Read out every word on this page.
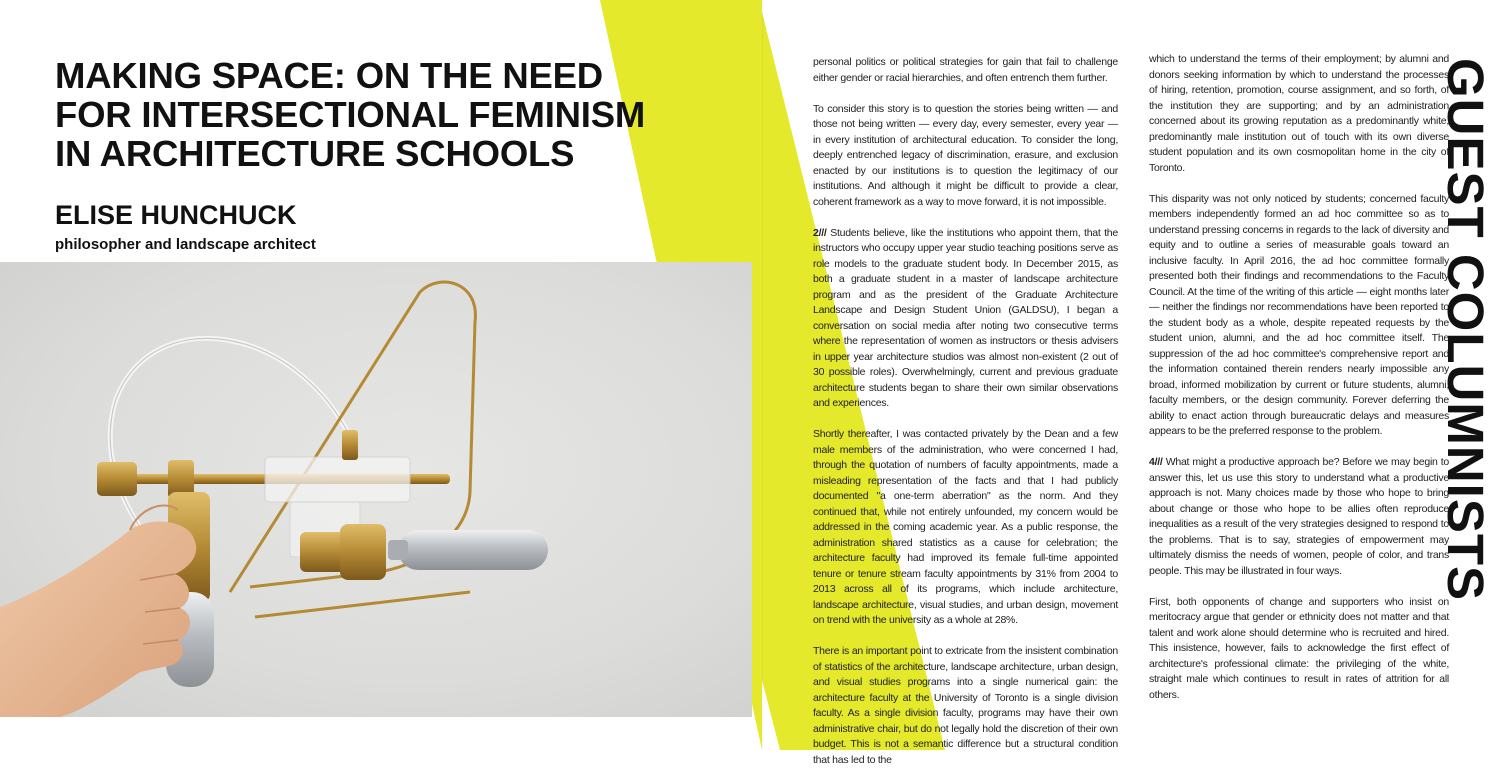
MAKING SPACE: ON THE NEED
FOR INTERSECTIONAL FEMINISM
IN ARCHITECTURE SCHOOLS
ELISE HUNCHUCK
philosopher and landscape architect

personal politics or political strategies for gain that fail to challenge either gender or racial hierarchies, and often entrench them further.

To consider this story is to question the stories being written — and those not being written — every day, every semester, every year — in every institution of architectural education. To consider the long, deeply entrenched legacy of discrimination, erasure, and exclusion enacted by our institutions is to question the legitimacy of our institutions. And although it might be difficult to provide a clear, coherent framework as a way to move forward, it is not impossible.

2/// Students believe, like the institutions who appoint them, that the instructors who occupy upper year studio teaching positions serve as role models to the graduate student body. In December 2015, as both a graduate student in a master of landscape architecture program and as the president of the Graduate Architecture Landscape and Design Student Union (GALDSU), I began a conversation on social media after noting two consecutive terms where the representation of women as instructors or thesis advisers in upper year architecture studios was almost non-existent (2 out of 30 possible roles). Overwhelmingly, current and previous graduate architecture students began to share their own similar observations and experiences.

Shortly thereafter, I was contacted privately by the Dean and a few male members of the administration, who were concerned I had, through the quotation of numbers of faculty appointments, made a misleading representation of the facts and that I had publicly documented "a one-term aberration" as the norm. And they continued that, while not entirely unfounded, my concern would be addressed in the coming academic year. As a public response, the administration shared statistics as a cause for celebration; the architecture faculty had improved its female full-time appointed tenure or tenure stream faculty appointments by 31% from 2004 to 2013 across all of its programs, which include architecture, landscape architecture, visual studies, and urban design, movement on trend with the university as a whole at 28%.

There is an important point to extricate from the insistent combination of statistics of the architecture, landscape architecture, urban design, and visual studies programs into a single numerical gain: the architecture faculty at the University of Toronto is a single division faculty. As a single division faculty, programs may have their own administrative chair, but do not legally hold the discretion of their own budget. This is not a semantic difference but a structural condition that has led to the

which to understand the terms of their employment; by alumni and donors seeking information by which to understand the processes of hiring, retention, promotion, course assignment, and so forth, of the institution they are supporting; and by an administration concerned about its growing reputation as a predominantly white, predominantly male institution out of touch with its own diverse student population and its own cosmopolitan home in the city of Toronto.

This disparity was not only noticed by students; concerned faculty members independently formed an ad hoc committee so as to understand pressing concerns in regards to the lack of diversity and equity and to outline a series of measurable goals toward an inclusive faculty. In April 2016, the ad hoc committee formally presented both their findings and recommendations to the Faculty Council. At the time of the writing of this article — eight months later — neither the findings nor recommendations have been reported to the student body as a whole, despite repeated requests by the student union, alumni, and the ad hoc committee itself. The suppression of the ad hoc committee's comprehensive report and the information contained therein renders nearly impossible any broad, informed mobilization by current or future students, alumni, faculty members, or the design community. Forever deferring the ability to enact action through bureaucratic delays and measures appears to be the preferred response to the problem.

4/// What might a productive approach be? Before we may begin to answer this, let us use this story to understand what a productive approach is not. Many choices made by those who hope to bring about change or those who hope to be allies often reproduce inequalities as a result of the very strategies designed to respond to the problems. That is to say, strategies of empowerment may ultimately dismiss the needs of women, people of color, and trans people. This may be illustrated in four ways.

First, both opponents of change and supporters who insist on meritocracy argue that gender or ethnicity does not matter and that talent and work alone should determine who is recruited and hired. This insistence, however, fails to acknowledge the first effect of architecture's professional climate: the privileging of the white, straight male which continues to result in rates of attrition for all others.

GUEST COLUMNISTS
